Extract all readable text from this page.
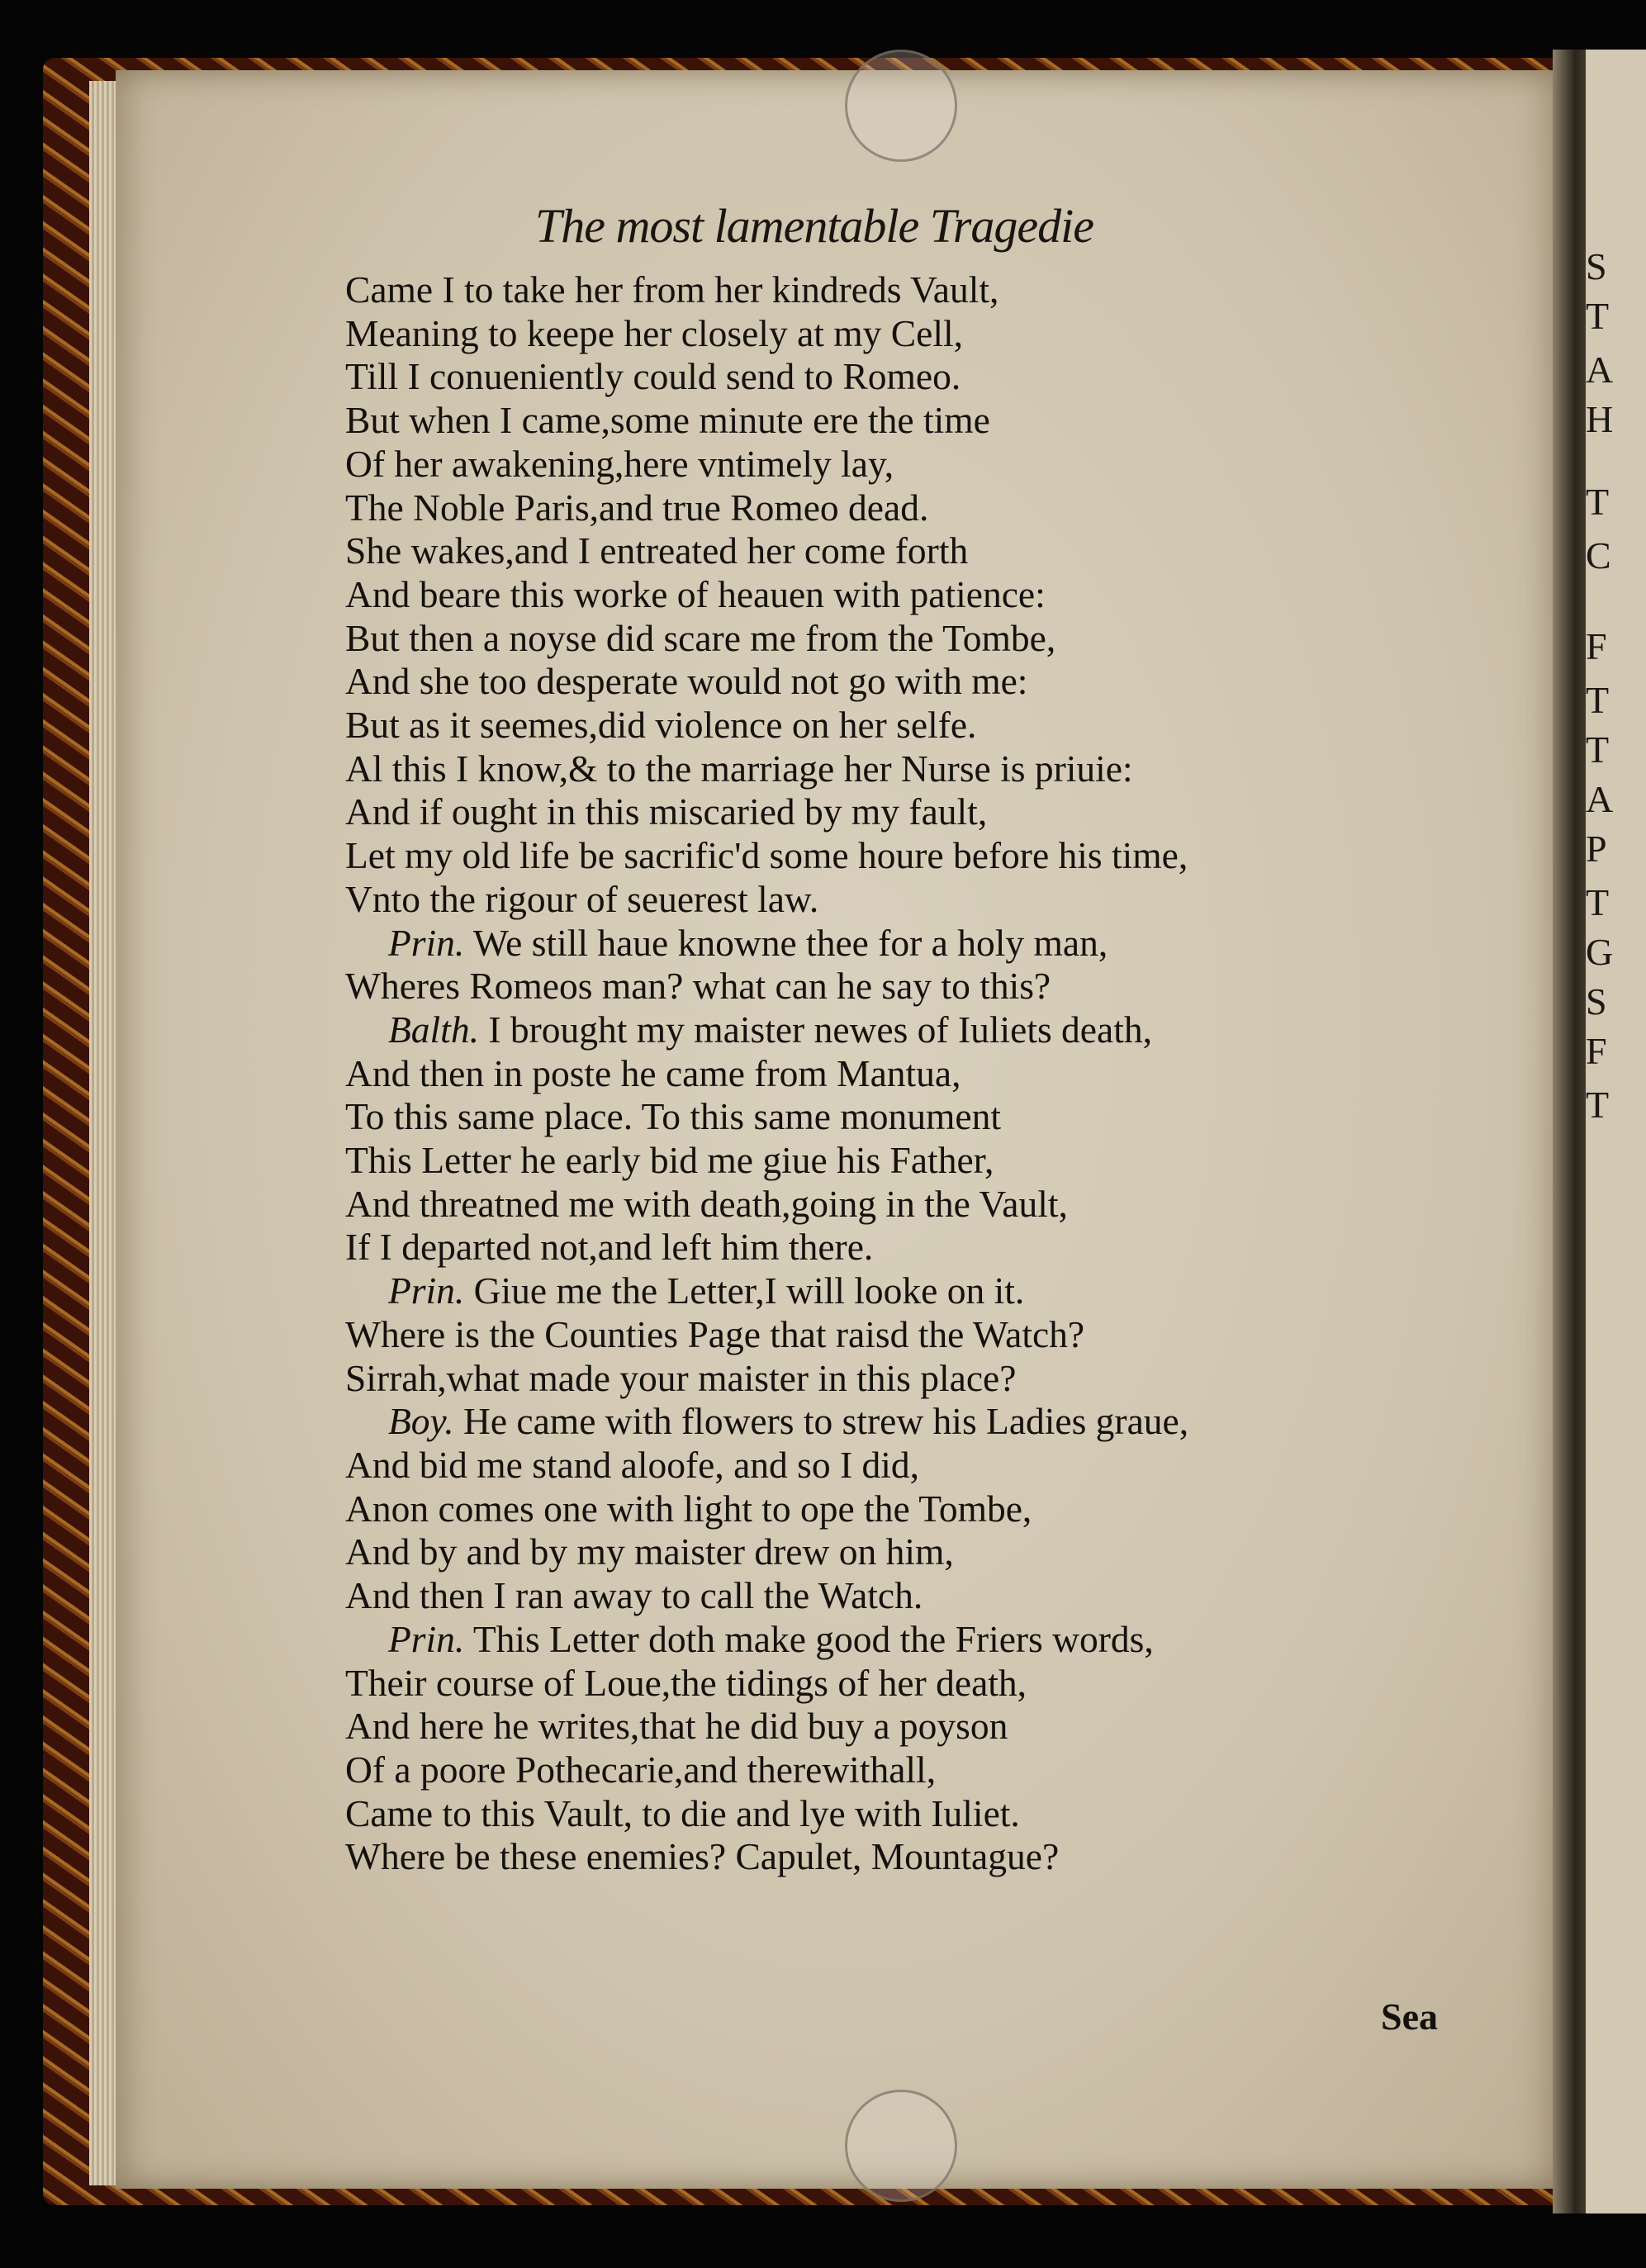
S
T
A
H
T
C
F
T
T
A
P
T
G
S
F
T
The most lamentable Tragedie

Came I to take her from her kindreds Vault,

Meaning to keepe her closely at my Cell,

Till I conueniently could send to Romeo.

But when I came,some minute ere the time

Of her awakening,here vntimely lay,

The Noble Paris,and true Romeo dead.

She wakes,and I entreated her come forth

And beare this worke of heauen with patience:

But then a noyse did scare me from the Tombe,

And she too desperate would not go with me:

But as it seemes,did violence on her selfe.

Al this I know,& to the marriage her Nurse is priuie:

And if ought in this miscaried by my fault,

Let my old life be sacrific'd some houre before his time,

Vnto the rigour of seuerest law.

Prin. We still haue knowne thee for a holy man,

Wheres Romeos man? what can he say to this?

Balth. I brought my maister newes of Iuliets death,

And then in poste he came from Mantua,

To this same place. To this same monument

This Letter he early bid me giue his Father,

And threatned me with death,going in the Vault,

If I departed not,and left him there.

Prin. Giue me the Letter,I will looke on it.

Where is the Counties Page that raisd the Watch?

Sirrah,what made your maister in this place?

Boy. He came with flowers to strew his Ladies graue,

And bid me stand aloofe, and so I did,

Anon comes one with light to ope the Tombe,

And by and by my maister drew on him,

And then I ran away to call the Watch.

Prin. This Letter doth make good the Friers words,

Their course of Loue,the tidings of her death,

And here he writes,that he did buy a poyson

Of a poore Pothecarie,and therewithall,

Came to this Vault, to die and lye with Iuliet.

Where be these enemies? Capulet, Mountague?

Sea
